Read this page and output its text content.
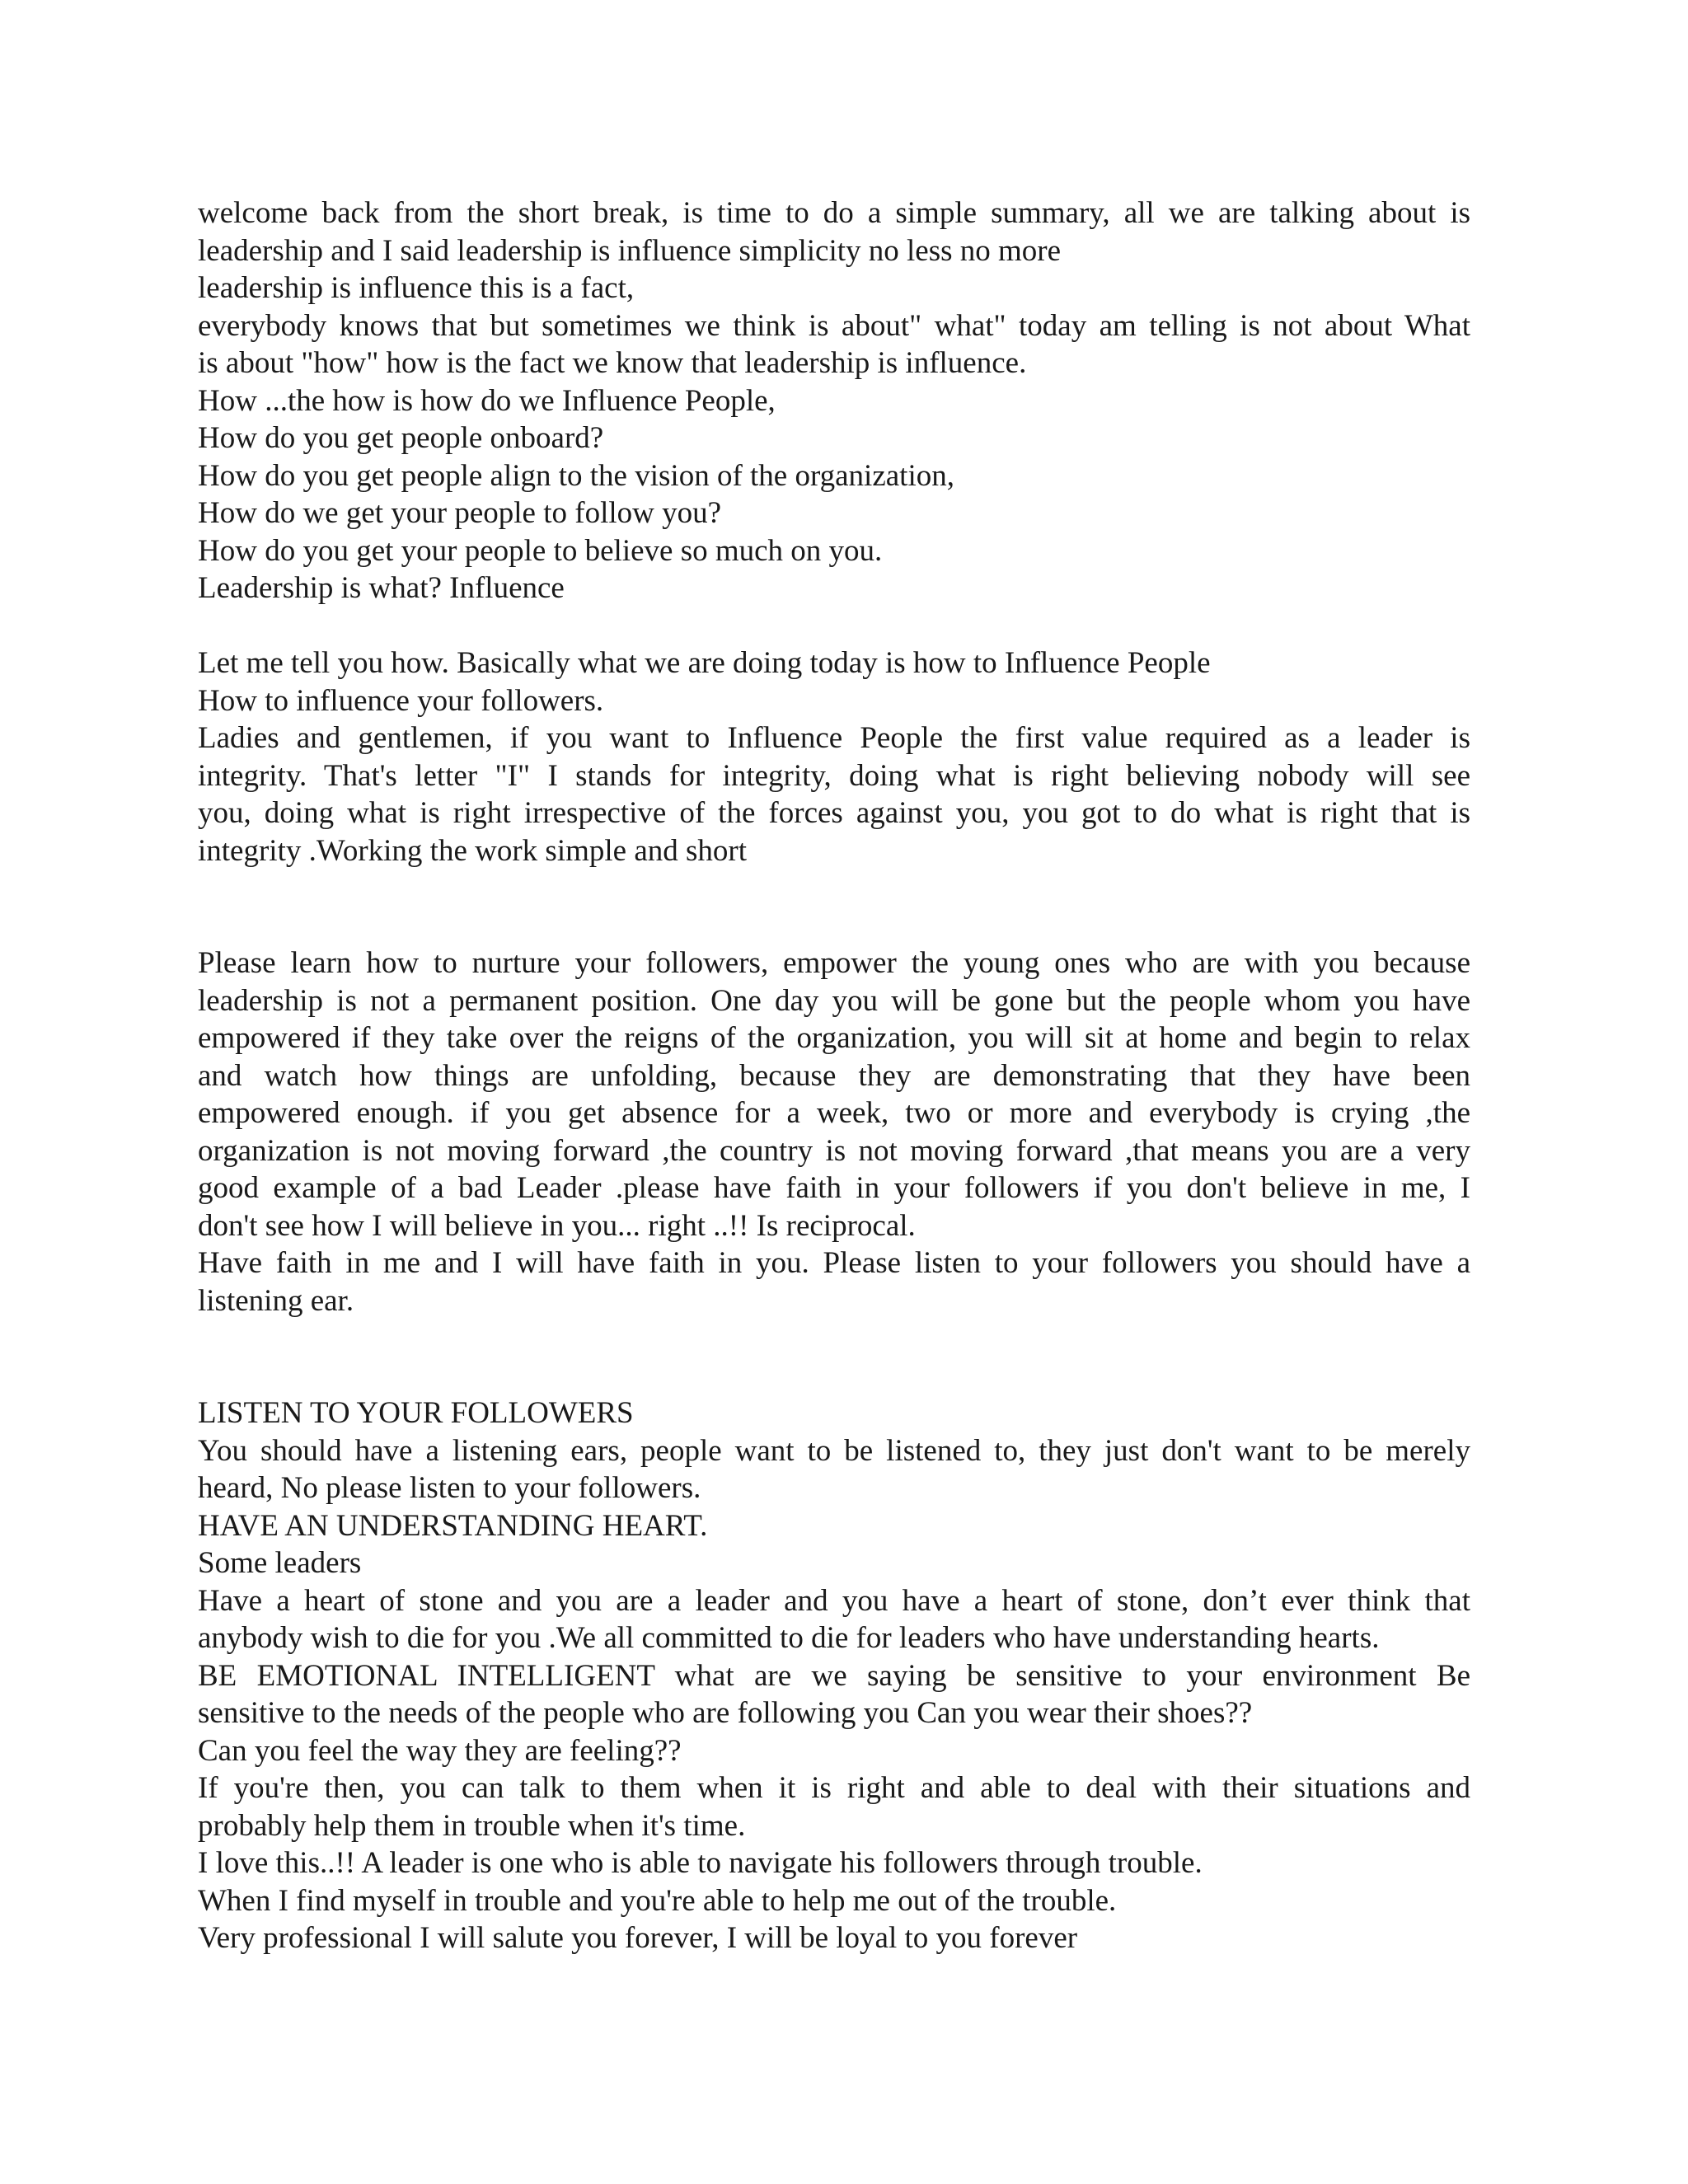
welcome back from the short break, is time to do a simple summary, all we are talking about is
leadership and I said leadership is influence simplicity no less no more
leadership is influence this is a fact,
everybody knows that but sometimes we think is about" what" today am telling is not about What
is about "how" how is the fact we know that leadership is influence.
How ...the how is how do we Influence People,
How do you get people onboard?
How do you get people align to the vision of the organization,
How do we get your people to follow you?
How do you get your people to believe so much on you.
Leadership is what? Influence
Let me tell you how. Basically what we are doing today is how to Influence People
How to influence your followers.
Ladies and gentlemen, if you want to Influence People the first value required as a leader is
integrity. That's letter "I" I stands for integrity, doing what is right believing nobody will see
you, doing what is right irrespective of the forces against you, you got to do what is right that is
integrity .Working the work simple and short
Please learn how to nurture your followers, empower the young ones who are with you because
leadership is not a permanent position. One day you will be gone but the people whom you have
empowered if they take over the reigns of the organization, you will sit at home and begin to relax
and watch how things are unfolding, because they are demonstrating that they have been
empowered enough. if you get absence for a week, two or more and everybody is crying ,the
organization is not moving forward ,the country is not moving forward ,that means you are a very
good example of a bad Leader .please have faith in your followers if you don't believe in me, I
don't see how I will believe in you... right ..!! Is reciprocal.
Have faith in me and I will have faith in you. Please listen to your followers you should have a
listening ear.
LISTEN TO YOUR FOLLOWERS
You should have a listening ears, people want to be listened to, they just don't want to be merely
heard, No please listen to your followers.
HAVE AN UNDERSTANDING HEART.
Some leaders
Have a heart of stone and you are a leader and you have a heart of stone, don’t ever think that
anybody wish to die for you .We all committed to die for leaders who have understanding hearts.
BE EMOTIONAL INTELLIGENT what are we saying be sensitive to your environment Be
sensitive to the needs of the people who are following you Can you wear their shoes??
Can you feel the way they are feeling??
If you're then, you can talk to them when it is right and able to deal with their situations and
probably help them in trouble when it's time.
I love this..!! A leader is one who is able to navigate his followers through trouble.
When I find myself in trouble and you're able to help me out of the trouble.
Very professional I will salute you forever, I will be loyal to you forever
